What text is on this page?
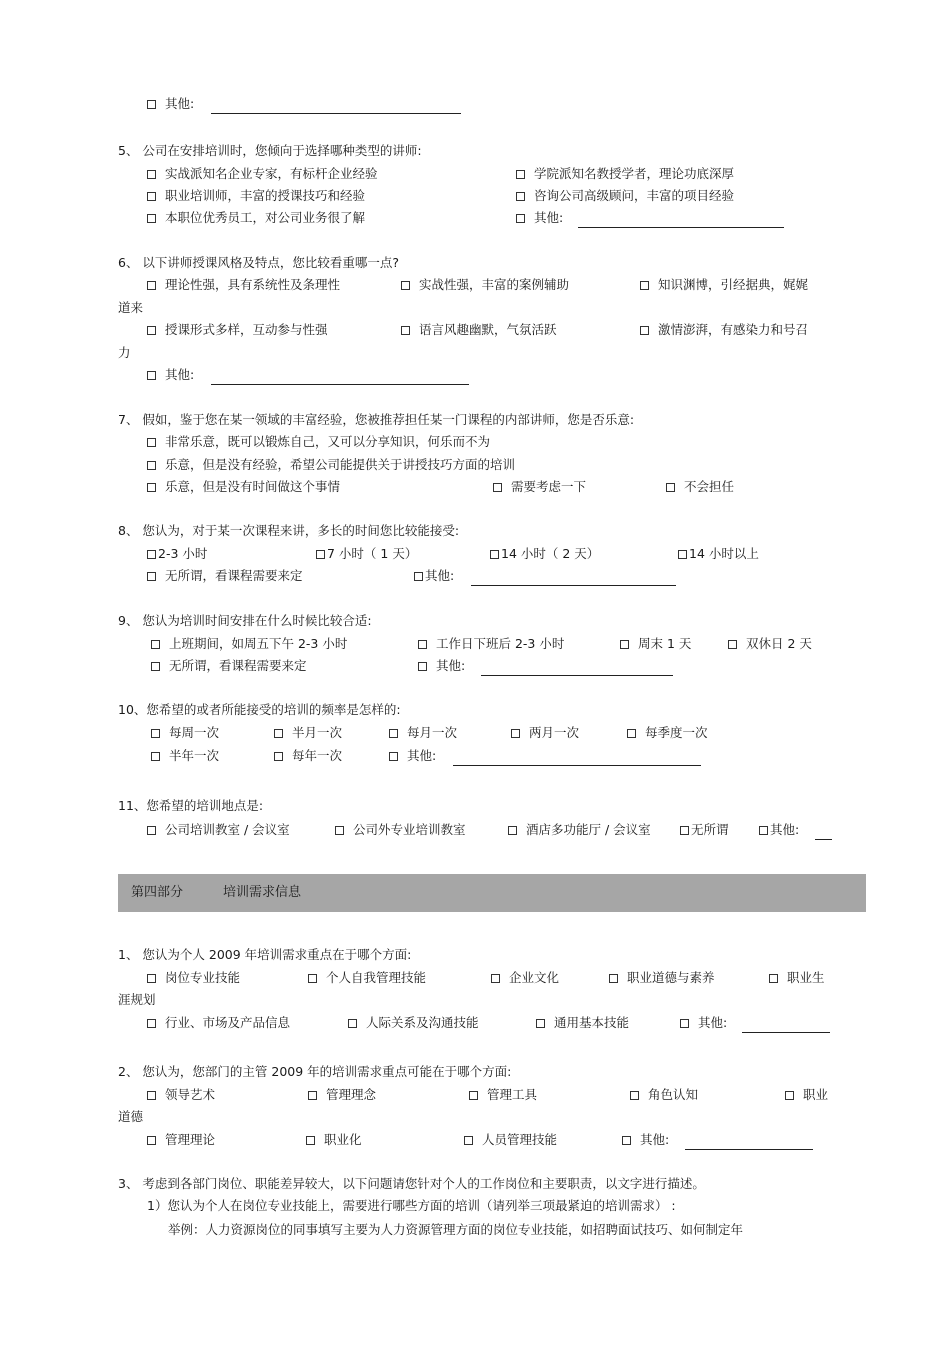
其他:
5、 公司在安排培训时，您倾向于选择哪种类型的讲师:
实战派知名企业专家，有标杆企业经验	学院派知名教授学者，理论功底深厚
职业培训师，丰富的授课技巧和经验	咨询公司高级顾问，丰富的项目经验
本职位优秀员工，对公司业务很了解	其他:
6、 以下讲师授课风格及特点，您比较看重哪一点?
理论性强，具有系统性及条理性	实战性强，丰富的案例辅助	知识渊博，引经据典，娓娓
道来
授课形式多样，互动参与性强	语言风趣幽默，气氛活跃	激情澎湃，有感染力和号召
力
其他:
7、 假如，鉴于您在某一领域的丰富经验，您被推荐担任某一门课程的内部讲师，您是否乐意:
非常乐意，既可以锻炼自己，又可以分享知识，何乐而不为
乐意，但是没有经验，希望公司能提供关于讲授技巧方面的培训
乐意，但是没有时间做这个事情	需要考虑一下	不会担任
8、 您认为，对于某一次课程来讲，多长的时间您比较能接受:
2-3 小时	7 小时（ 1 天）	14 小时（ 2 天）	14 小时以上
无所谓，看课程需要来定	其他:
9、 您认为培训时间安排在什么时候比较合适:
上班期间，如周五下午 2-3 小时	工作日下班后 2-3 小时	周末 1 天	双休日 2 天
无所谓，看课程需要来定	其他:
10、您希望的或者所能接受的培训的频率是怎样的:
每周一次	半月一次	每月一次	两月一次	每季度一次
半年一次	每年一次	其他:
11、您希望的培训地点是:
公司培训教室 / 会议室	公司外专业培训教室	酒店多功能厅 / 会议室	无所谓	其他:
第四部分	培训需求信息
1、 您认为个人 2009 年培训需求重点在于哪个方面:
岗位专业技能	个人自我管理技能	企业文化	职业道德与素养	职业生
涯规划
行业、市场及产品信息	人际关系及沟通技能	通用基本技能	其他:
2、 您认为，您部门的主管 2009 年的培训需求重点可能在于哪个方面:
领导艺术	管理理念	管理工具	角色认知	职业
道德
管理理论	职业化	人员管理技能	其他:
3、 考虑到各部门岗位、职能差异较大，以下问题请您针对个人的工作岗位和主要职责，以文字进行描述。
1）您认为个人在岗位专业技能上，需要进行哪些方面的培训（请列举三项最紧迫的培训需求） :
举例：人力资源岗位的同事填写主要为人力资源管理方面的岗位专业技能，如招聘面试技巧、如何制定年
